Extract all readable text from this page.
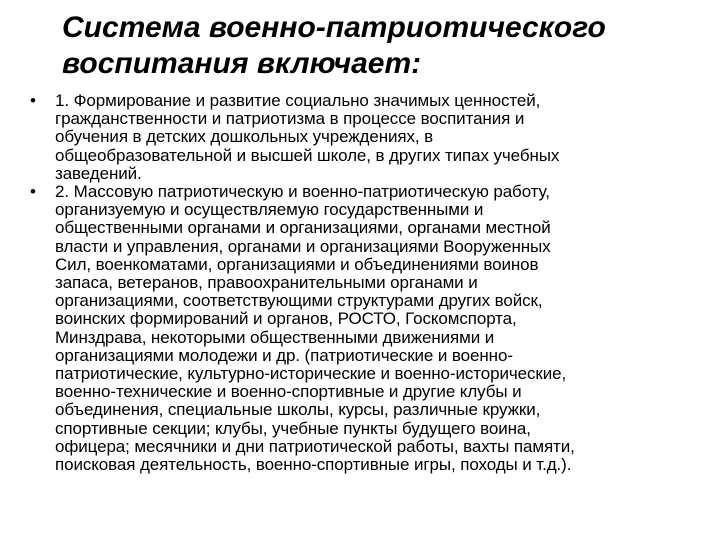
Система военно-патриотического
воспитания включает:
• 1. Формирование и развитие социально значимых ценностей,
гражданственности и патриотизма в процессе воспитания и
обучения в детских дошкольных учреждениях, в
общеобразовательной и высшей школе, в других типах учебных
заведений.
• 2. Массовую патриотическую и военно-патриотическую работу,
организуемую и осуществляемую государственными и
общественными органами и организациями, органами местной
власти и управления, органами и организациями Вооруженных
Сил, военкоматами, организациями и объединениями воинов
запаса, ветеранов, правоохранительными органами и
организациями, соответствующими структурами других войск,
воинских формирований и органов, РОСТО, Госкомспорта,
Минздрава, некоторыми общественными движениями и
организациями молодежи и др. (патриотические и военно-
патриотические, культурно-исторические и военно-исторические,
военно-технические и военно-спортивные и другие клубы и
объединения, специальные школы, курсы, различные кружки,
спортивные секции; клубы, учебные пункты будущего воина,
офицера; месячники и дни патриотической работы, вахты памяти,
поисковая деятельность, военно-спортивные игры, походы и т.д.).
